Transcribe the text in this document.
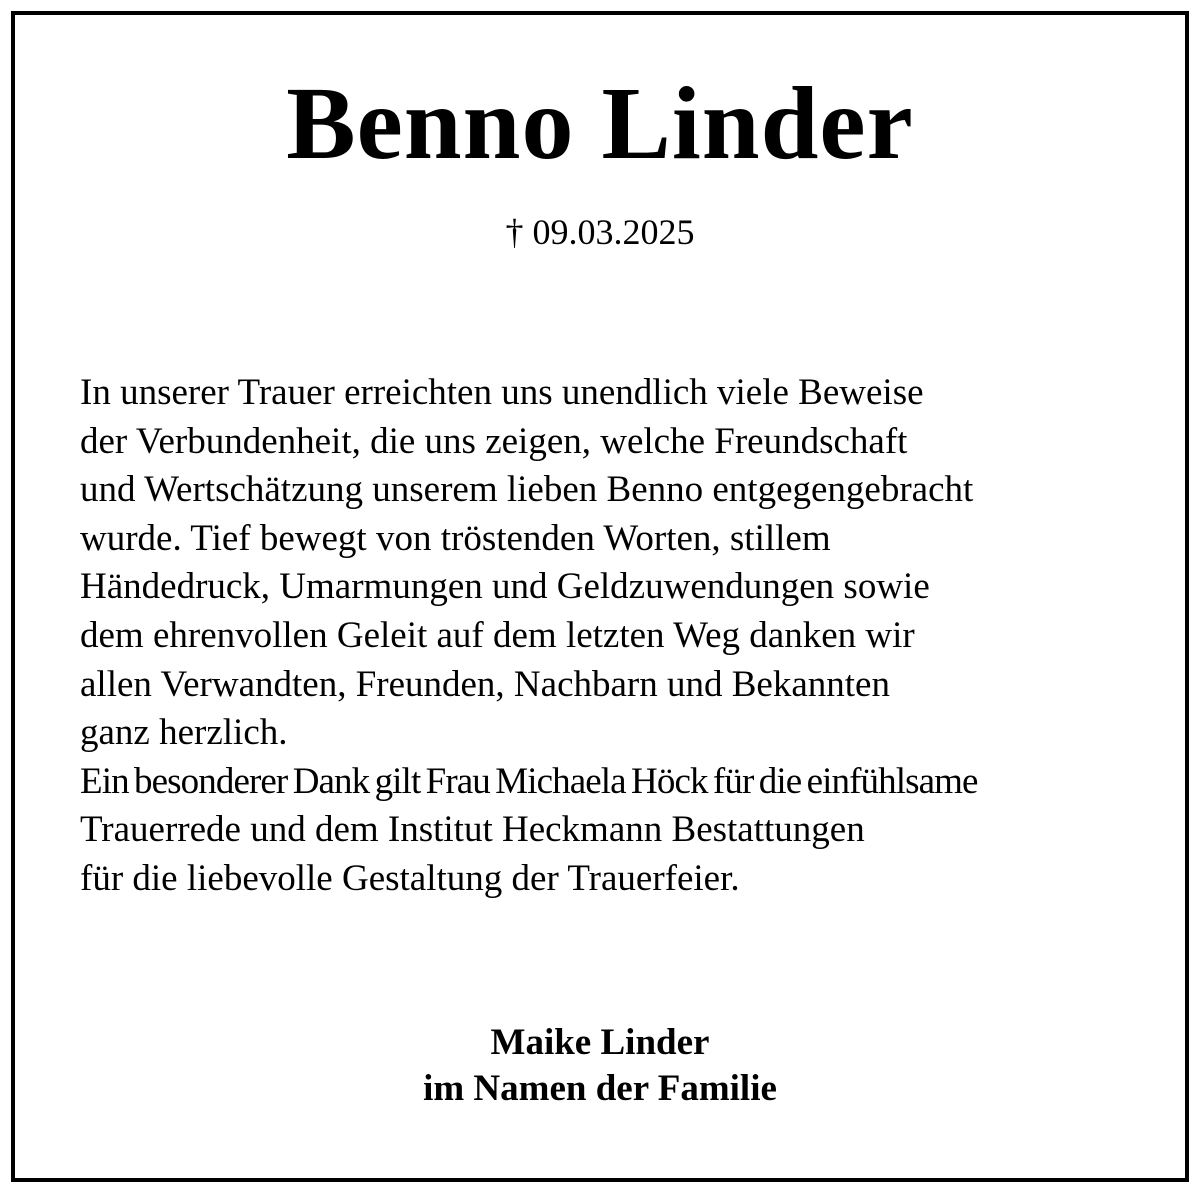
Benno Linder
† 09.03.2025
In unserer Trauer erreichten uns unendlich viele Beweise
der Verbundenheit, die uns zeigen, welche Freundschaft
und Wertschätzung unserem lieben Benno entgegengebracht
wurde. Tief bewegt von tröstenden Worten, stillem
Händedruck, Umarmungen und Geldzuwendungen sowie
dem ehrenvollen Geleit auf dem letzten Weg danken wir
allen Verwandten, Freunden, Nachbarn und Bekannten
ganz herzlich.
Ein besonderer Dank gilt Frau Michaela Höck für die einfühlsame
Trauerrede und dem Institut Heckmann Bestattungen
für die liebevolle Gestaltung der Trauerfeier.
Maike Linder
im Namen der Familie
